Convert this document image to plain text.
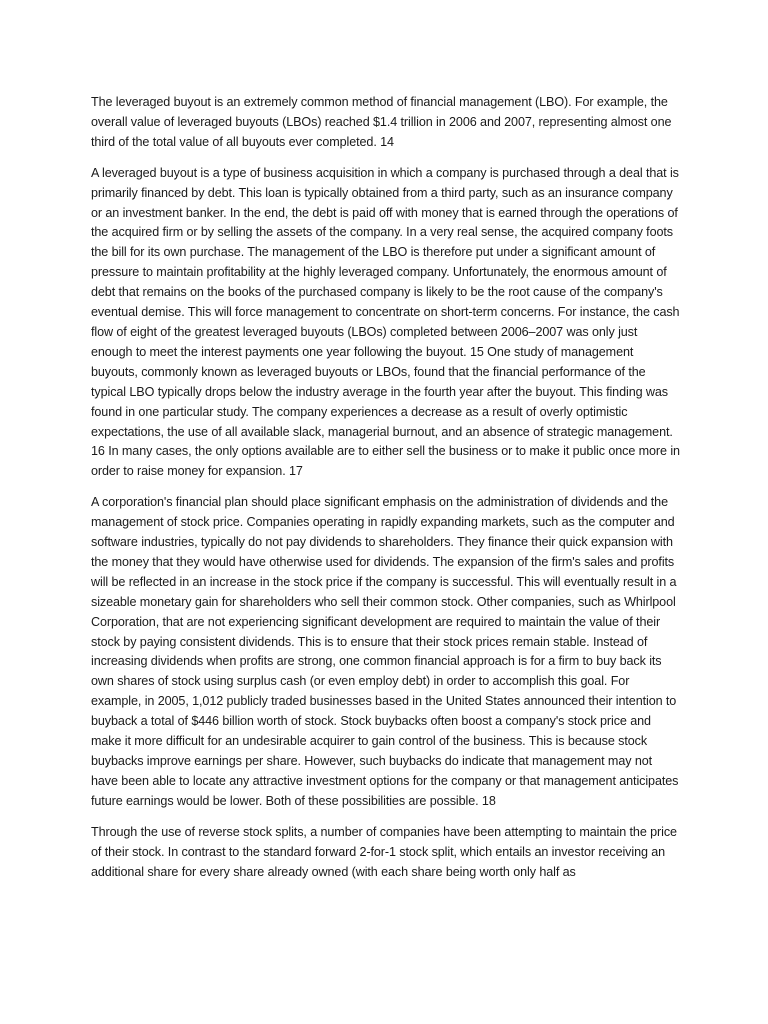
The leveraged buyout is an extremely common method of financial management (LBO). For example, the overall value of leveraged buyouts (LBOs) reached $1.4 trillion in 2006 and 2007, representing almost one third of the total value of all buyouts ever completed. 14

A leveraged buyout is a type of business acquisition in which a company is purchased through a deal that is primarily financed by debt. This loan is typically obtained from a third party, such as an insurance company or an investment banker. In the end, the debt is paid off with money that is earned through the operations of the acquired firm or by selling the assets of the company. In a very real sense, the acquired company foots the bill for its own purchase. The management of the LBO is therefore put under a significant amount of pressure to maintain profitability at the highly leveraged company. Unfortunately, the enormous amount of debt that remains on the books of the purchased company is likely to be the root cause of the company's eventual demise. This will force management to concentrate on short-term concerns. For instance, the cash flow of eight of the greatest leveraged buyouts (LBOs) completed between 2006–2007 was only just enough to meet the interest payments one year following the buyout. 15 One study of management buyouts, commonly known as leveraged buyouts or LBOs, found that the financial performance of the typical LBO typically drops below the industry average in the fourth year after the buyout. This finding was found in one particular study. The company experiences a decrease as a result of overly optimistic expectations, the use of all available slack, managerial burnout, and an absence of strategic management. 16 In many cases, the only options available are to either sell the business or to make it public once more in order to raise money for expansion. 17

A corporation's financial plan should place significant emphasis on the administration of dividends and the management of stock price. Companies operating in rapidly expanding markets, such as the computer and software industries, typically do not pay dividends to shareholders. They finance their quick expansion with the money that they would have otherwise used for dividends. The expansion of the firm's sales and profits will be reflected in an increase in the stock price if the company is successful. This will eventually result in a sizeable monetary gain for shareholders who sell their common stock. Other companies, such as Whirlpool Corporation, that are not experiencing significant development are required to maintain the value of their stock by paying consistent dividends. This is to ensure that their stock prices remain stable. Instead of increasing dividends when profits are strong, one common financial approach is for a firm to buy back its own shares of stock using surplus cash (or even employ debt) in order to accomplish this goal. For example, in 2005, 1,012 publicly traded businesses based in the United States announced their intention to buyback a total of $446 billion worth of stock. Stock buybacks often boost a company's stock price and make it more difficult for an undesirable acquirer to gain control of the business. This is because stock buybacks improve earnings per share. However, such buybacks do indicate that management may not have been able to locate any attractive investment options for the company or that management anticipates future earnings would be lower. Both of these possibilities are possible. 18

Through the use of reverse stock splits, a number of companies have been attempting to maintain the price of their stock. In contrast to the standard forward 2-for-1 stock split, which entails an investor receiving an additional share for every share already owned (with each share being worth only half as
